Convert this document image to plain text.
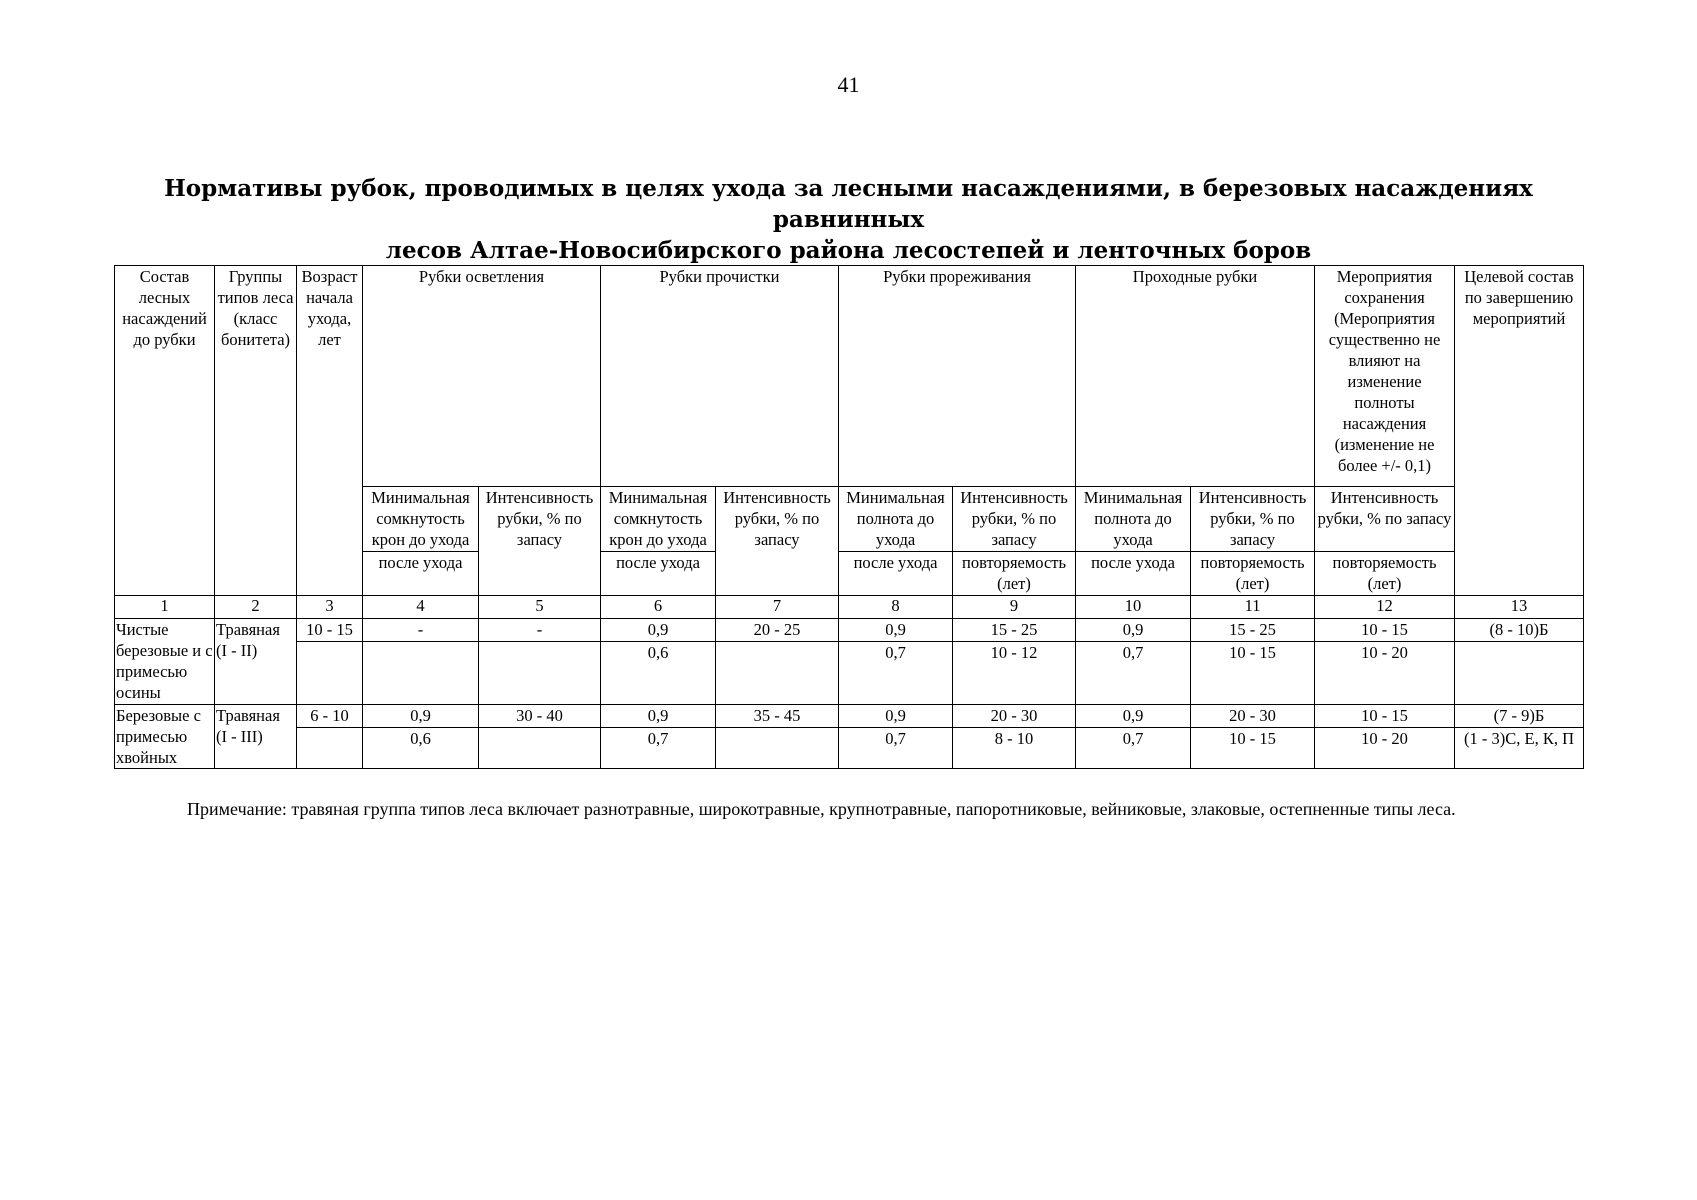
41
Нормативы рубок, проводимых в целях ухода за лесными насаждениями, в березовых насаждениях равнинных
лесов Алтае-Новосибирского района лесостепей и ленточных боров
Состав лесных насаждений до рубки	Группы типов леса (класс бонитета)	Возраст начала ухода, лет	Рубки осветления		Рубки прочистки		Рубки прореживания		Проходные рубки		Мероприятия сохранения (Мероприятия существенно не влияют на изменение полноты насаждения (изменение не более +/- 0,1)	Целевой состав по завершению мероприятий
			Минимальная сомкнутость крон до ухода	Интенсивность рубки, % по запасу	Минимальная сомкнутость крон до ухода	Интенсивность рубки, % по запасу	Минимальная полнота до ухода	Интенсивность рубки, % по запасу	Минимальная полнота до ухода	Интенсивность рубки, % по запасу	Интенсивность рубки, % по запасу	
			после ухода		после ухода		после ухода	повторяемость (лет)	после ухода	повторяемость (лет)	повторяемость (лет)	
1	2	3	4	5	6	7	8	9	10	11	12	13
Чистые березовые и с примесью осины	Травяная (I - II)	10 - 15	-	-	0,9	20 - 25	0,9	15 - 25	0,9	15 - 25	10 - 15	(8 - 10)Б
					0,6		0,7	10 - 12	0,7	10 - 15	10 - 20	
Березовые с примесью хвойных	Травяная (I - III)	6 - 10	0,9	30 - 40	0,9	35 - 45	0,9	20 - 30	0,9	20 - 30	10 - 15	(7 - 9)Б
			0,6		0,7		0,7	8 - 10	0,7	10 - 15	10 - 20	(1 - 3)С, Е, К, П
Примечание: травяная группа типов леса включает разнотравные, широкотравные, крупнотравные, папоротниковые, вейниковые, злаковые, остепненные типы леса.
